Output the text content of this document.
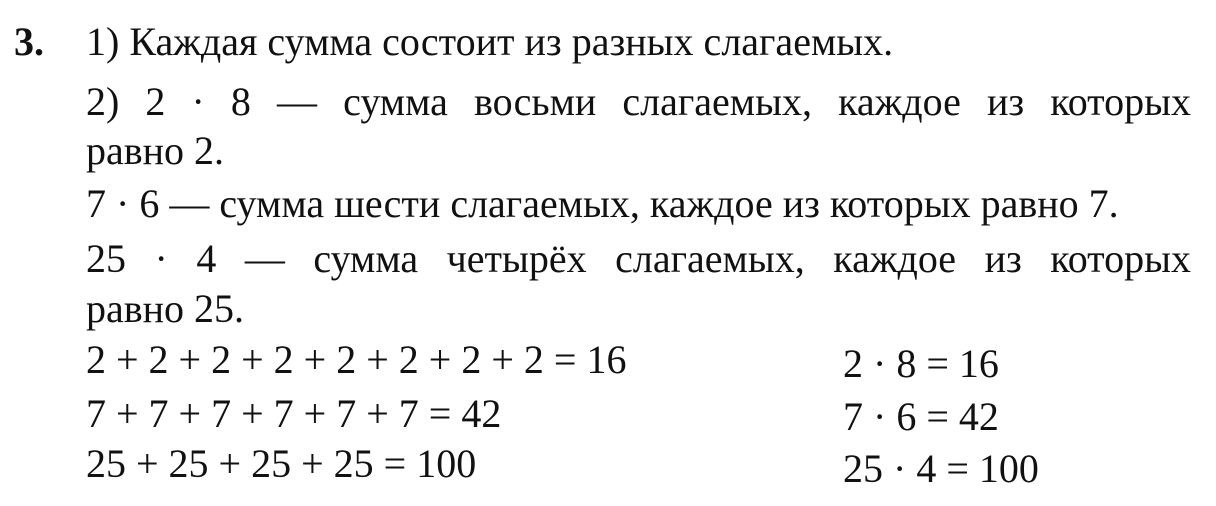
3. 1) Каждая сумма состоит из разных слагаемых.
2) 2 · 8 — сумма восьми слагаемых, каждое из которых
равно 2.
7 · 6 — сумма шести слагаемых, каждое из которых равно 7.
25 · 4 — сумма четырёх слагаемых, каждое из которых
равно 25.
2 + 2 + 2 + 2 + 2 + 2 + 2 + 2 = 16
7 + 7 + 7 + 7 + 7 + 7 = 42
25 + 25 + 25 + 25 = 100
2 · 8 = 16
7 · 6 = 42
25 · 4 = 100
